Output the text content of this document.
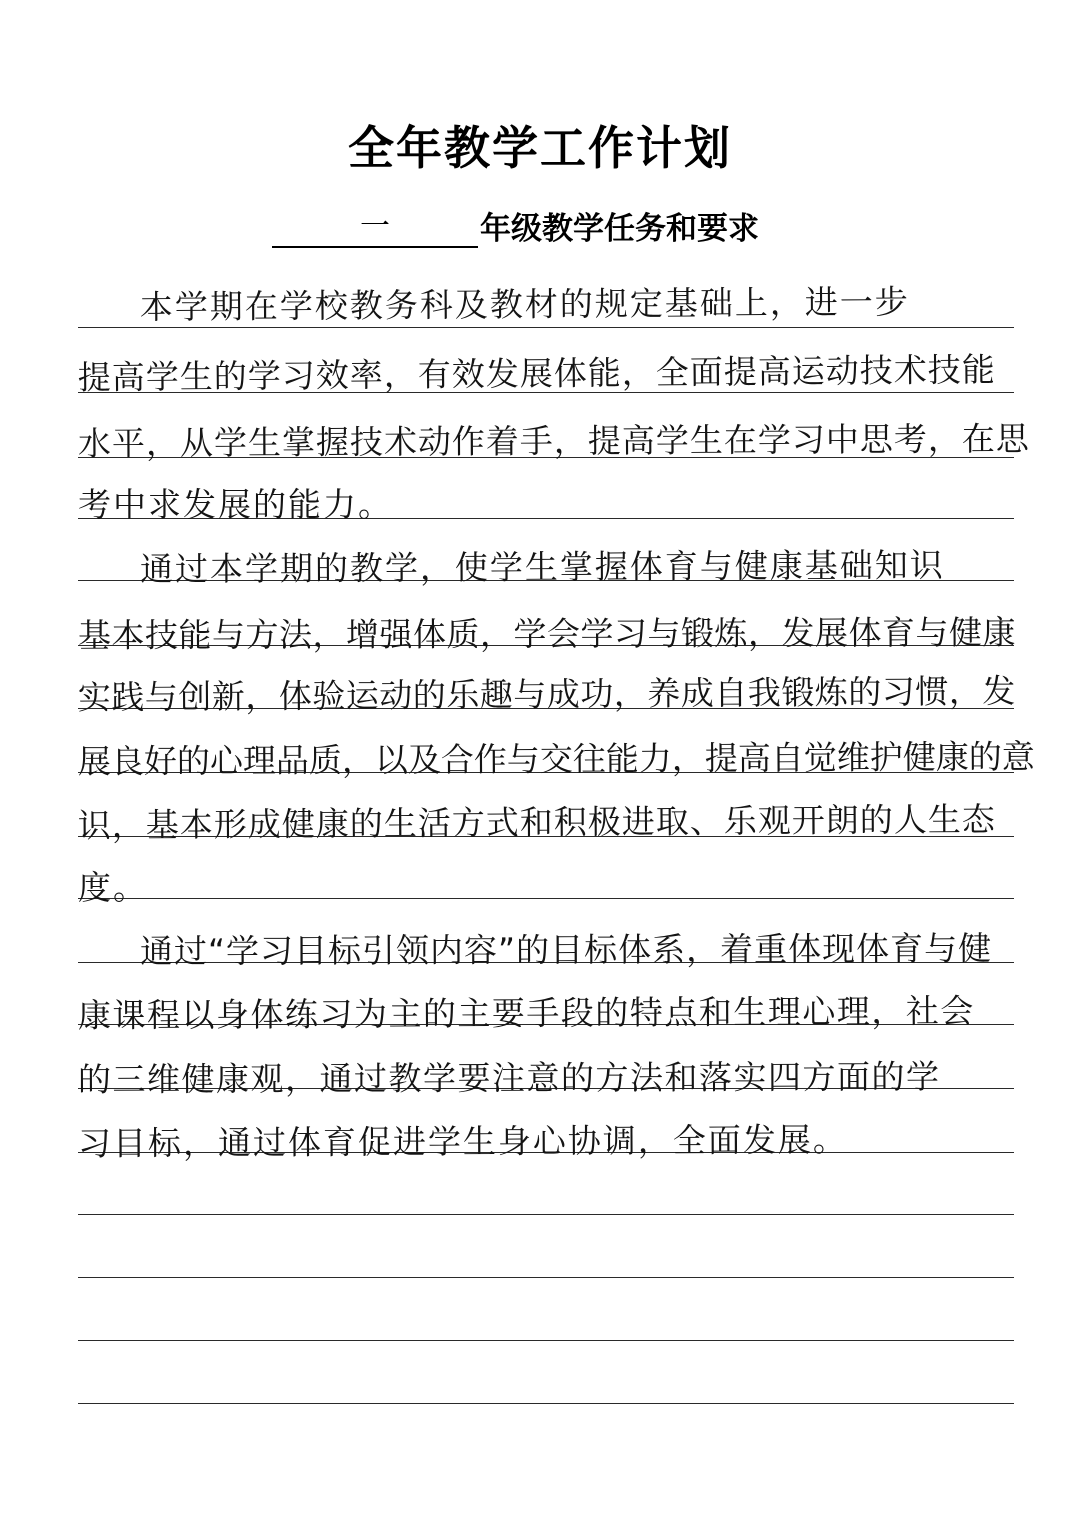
全年教学工作计划
一	年级教学任务和要求
本学期在学校教务科及教材的规定基础上，进一步
提高学生的学习效率，有效发展体能，全面提高运动技术技能
水平，从学生掌握技术动作着手，提高学生在学习中思考，在思
考中求发展的能力。
通过本学期的教学，使学生掌握体育与健康基础知识
基本技能与方法，增强体质，学会学习与锻炼，发展体育与健康
实践与创新，体验运动的乐趣与成功，养成自我锻炼的习惯，发
展良好的心理品质，以及合作与交往能力，提高自觉维护健康的意
识，基本形成健康的生活方式和积极进取、乐观开朗的人生态
度。
通过“学习目标引领内容”的目标体系，着重体现体育与健
康课程以身体练习为主的主要手段的特点和生理心理，社会
的三维健康观，通过教学要注意的方法和落实四方面的学
习目标，通过体育促进学生身心协调，全面发展。
